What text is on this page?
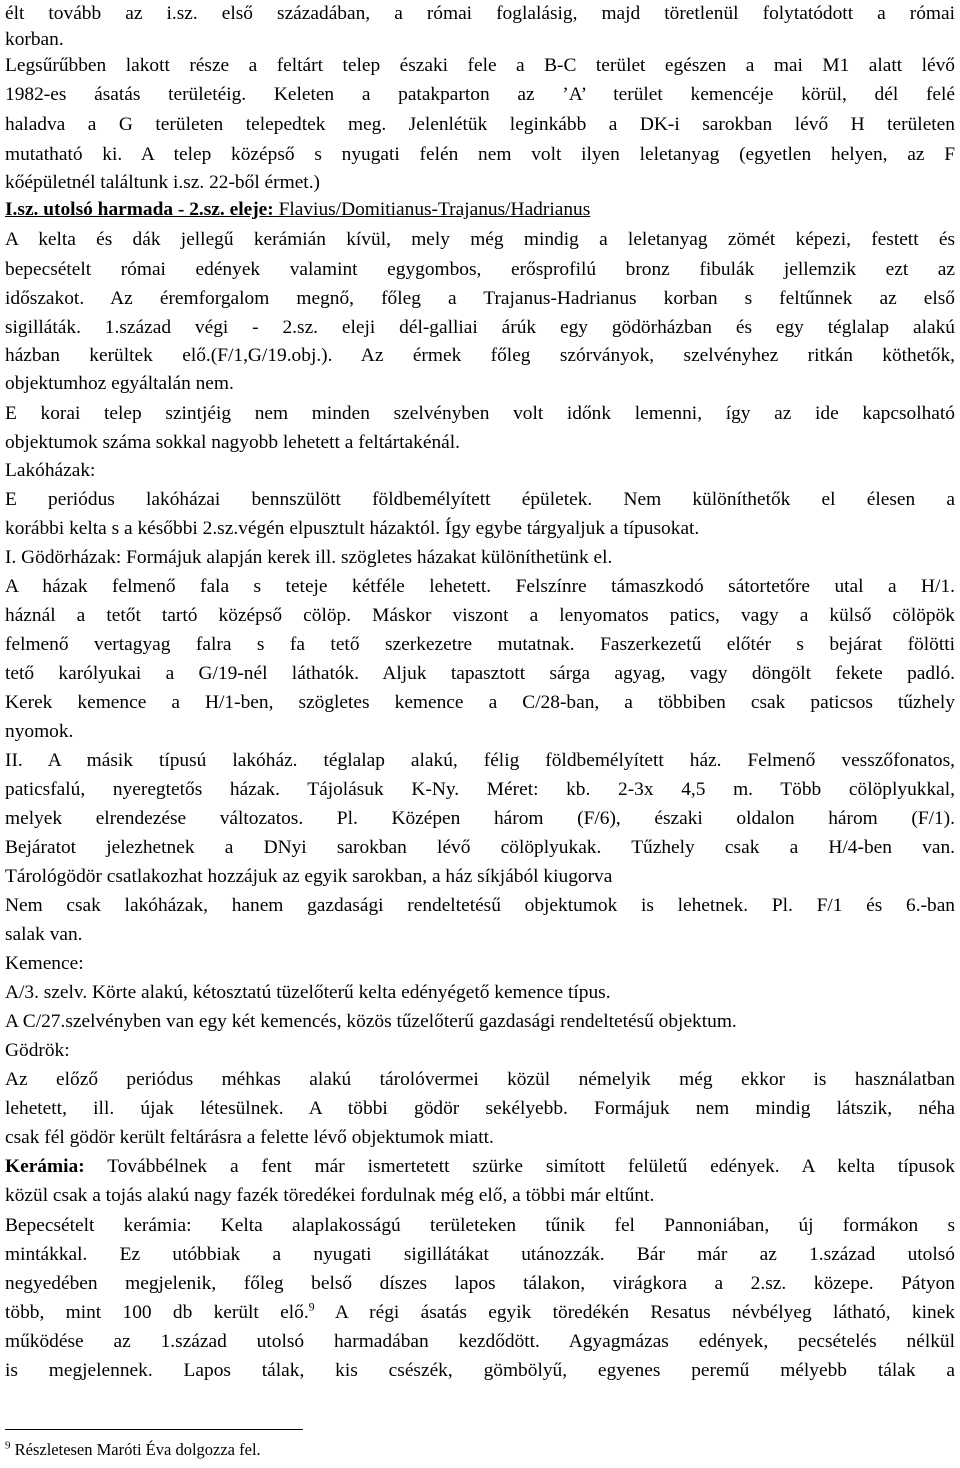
élt tovább az i.sz. első századában, a római foglalásig, majd töretlenül folytatódott a római
korban.
Legsűrűbben lakott része a feltárt telep északi fele a B-C terület egészen a mai M1 alatt lévő
1982-es ásatás területéig. Keleten a patakparton az ’A’ terület kemencéje körül, dél felé
haladva a G területen telepedtek meg. Jelenlétük leginkább a DK-i sarokban lévő H területen
mutatható ki. A telep középső s nyugati felén nem volt ilyen leletanyag (egyetlen helyen, az F
kőépületnél találtunk i.sz. 22-ből érmet.)
I.sz. utolsó harmada - 2.sz. eleje: Flavius/Domitianus-Trajanus/Hadrianus
A kelta és dák jellegű kerámián kívül, mely még mindig a leletanyag zömét képezi, festett és
bepecsételt római edények valamint egygombos, erősprofilú bronz fibulák jellemzik ezt az
időszakot. Az éremforgalom megnő, főleg a Trajanus-Hadrianus korban s feltűnnek az első
sigilláták. 1.század végi - 2.sz. eleji dél-galliai árúk egy gödörházban és egy téglalap alakú
házban kerültek elő.(F/1,G/19.obj.). Az érmek főleg szórványok, szelvényhez ritkán köthetők,
objektumhoz egyáltalán nem.
E korai telep szintjéig nem minden szelvényben volt időnk lemenni, így az ide kapcsolható
objektumok száma sokkal nagyobb lehetett a feltártakénál.
Lakóházak:
E periódus lakóházai bennszülött földbemélyített épületek. Nem különíthetők el élesen a
korábbi kelta s a későbbi 2.sz.végén elpusztult házaktól. Így egybe tárgyaljuk a típusokat.
I. Gödörházak: Formájuk alapján kerek ill. szögletes házakat különíthetünk el.
A házak felmenő fala s teteje kétféle lehetett. Felszínre támaszkodó sátortetőre utal a H/1.
háznál a tetőt tartó középső cölöp. Máskor viszont a lenyomatos patics, vagy a külső cölöpök
felmenő vertagyag falra s fa tető szerkezetre mutatnak. Faszerkezetű előtér s bejárat fölötti
tető karólyukai a G/19-nél láthatók. Aljuk tapasztott sárga agyag, vagy döngölt fekete padló.
Kerek kemence a H/1-ben, szögletes kemence a C/28-ban, a többiben csak paticsos tűzhely
nyomok.
II. A másik típusú lakóház. téglalap alakú, félig földbemélyített ház. Felmenő vesszőfonatos,
paticsfalú, nyeregtetős házak. Tájolásuk K-Ny. Méret: kb. 2-3x 4,5 m. Több cölöplyukkal,
melyek elrendezése változatos. Pl. Középen három (F/6), északi oldalon három (F/1).
Bejáratot jelezhetnek a DNyi sarokban lévő cölöplyukak. Tűzhely csak a H/4-ben van.
Tárológödör csatlakozhat hozzájuk az egyik sarokban, a ház síkjából kiugorva
Nem csak lakóházak, hanem gazdasági rendeltetésű objektumok is lehetnek. Pl. F/1 és 6.-ban
salak van.
Kemence:
A/3. szelv. Körte alakú, kétosztatú tüzelőterű kelta edényégető kemence típus.
A C/27.szelvényben van egy két kemencés, közös tűzelőterű gazdasági rendeltetésű objektum.
Gödrök:
Az előző periódus méhkas alakú tárolóvermei közül némelyik még ekkor is használatban
lehetett, ill. újak létesülnek. A többi gödör sekélyebb. Formájuk nem mindig látszik, néha
csak fél gödör került feltárásra a felette lévő objektumok miatt.
Kerámia: Továbbélnek a fent már ismertetett szürke simított felületű edények. A kelta típusok
közül csak a tojás alakú nagy fazék töredékei fordulnak még elő, a többi már eltűnt.
Bepecsételt kerámia: Kelta alaplakosságú területeken tűnik fel Pannoniában, új formákon s
mintákkal. Ez utóbbiak a nyugati sigillátákat utánozzák. Bár már az 1.század utolsó
negyedében megjelenik, főleg belső díszes lapos tálakon, virágkora a 2.sz. közepe. Pátyon
több, mint 100 db került elő.$^9$ A régi ásatás egyik töredékén Resatus névbélyeg látható, kinek
működése az 1.század utolsó harmadában kezdődött. Agyagmázas edények, pecsételés nélkül
is megjelennek. Lapos tálak, kis csészék, gömbölyű, egyenes peremű mélyebb tálak a
$^9$ Részletesen Maróti Éva dolgozza fel.
